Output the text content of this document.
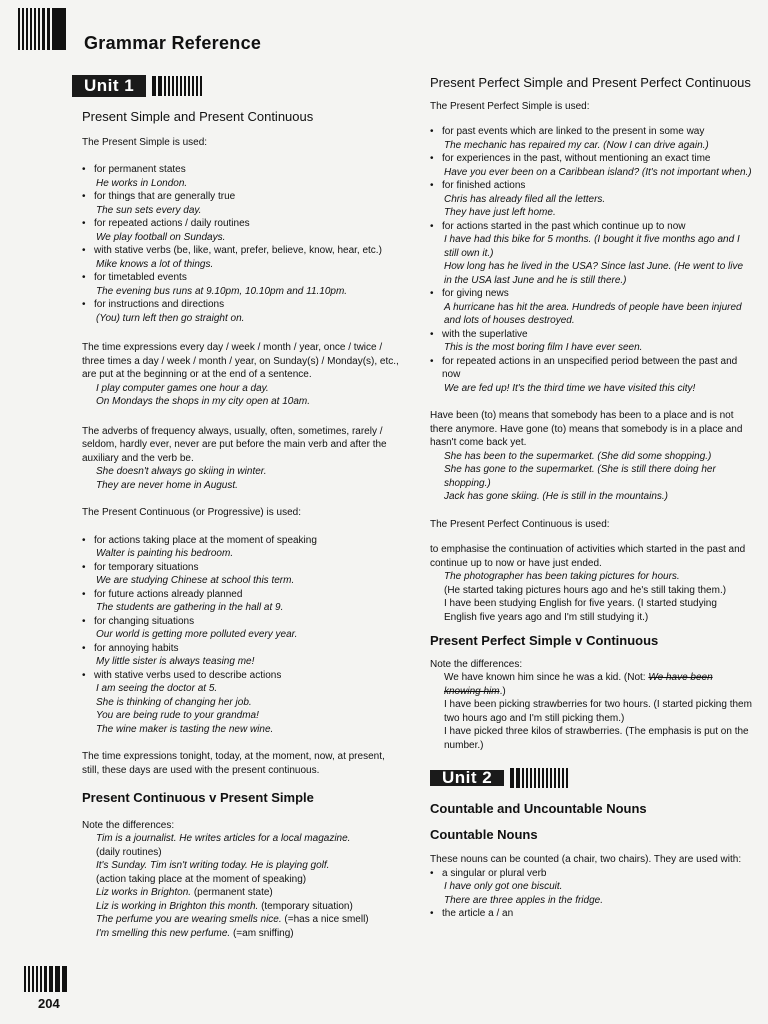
Grammar Reference
Unit 1
Present Simple and Present Continuous
The Present Simple is used:
• for permanent states
He works in London.
• for things that are generally true
The sun sets every day.
• for repeated actions / daily routines
We play football on Sundays.
• with stative verbs (be, like, want, prefer, believe, know, hear, etc.)
Mike knows a lot of things.
• for timetabled events
The evening bus runs at 9.10pm, 10.10pm and 11.10pm.
• for instructions and directions
(You) turn left then go straight on.

The time expressions every day / week / month / year, once / twice / three times a day / week / month / year, on Sunday(s) / Monday(s), etc., are put at the beginning or at the end of a sentence.

I play computer games one hour a day.
On Mondays the shops in my city open at 10am.

The adverbs of frequency always, usually, often, sometimes, rarely / seldom, hardly ever, never are put before the main verb and after the auxiliary and the verb be.

She doesn't always go skiing in winter.
They are never home in August.

The Present Continuous (or Progressive) is used:

• for actions taking place at the moment of speaking
Walter is painting his bedroom.
• for temporary situations
We are studying Chinese at school this term.
• for future actions already planned
The students are gathering in the hall at 9.
• for changing situations
Our world is getting more polluted every year.
• for annoying habits
My little sister is always teasing me!
• with stative verbs used to describe actions
I am seeing the doctor at 5.
She is thinking of changing her job.
You are being rude to your grandma!
The wine maker is tasting the new wine.

The time expressions tonight, today, at the moment, now, at present, still, these days are used with the present continuous.

Present Continuous v Present Simple

Note the differences:

Tim is a journalist. He writes articles for a local magazine.
(daily routines)
It's Sunday. Tim isn't writing today. He is playing golf.
(action taking place at the moment of speaking)
Liz works in Brighton. (permanent state)
Liz is working in Brighton this month. (temporary situation)
The perfume you are wearing smells nice. (=has a nice smell)
I'm smelling this new perfume. (=am sniffing)
Present Perfect Simple and Present Perfect Continuous
The Present Perfect Simple is used:
• for past events which are linked to the present in some way
The mechanic has repaired my car. (Now I can drive again.)
• for experiences in the past, without mentioning an exact time
Have you ever been on a Caribbean island? (It's not important when.)
• for finished actions
Chris has already filed all the letters.
They have just left home.
• for actions started in the past which continue up to now
I have had this bike for 5 months. (I bought it five months ago and I still own it.)
How long has he lived in the USA? Since last June. (He went to live in the USA last June and he is still there.)
• for giving news
A hurricane has hit the area. Hundreds of people have been injured and lots of houses destroyed.
• with the superlative
This is the most boring film I have ever seen.
• for repeated actions in an unspecified period between the past and now
We are fed up! It's the third time we have visited this city!

Have been (to) means that somebody has been to a place and is not there anymore. Have gone (to) means that somebody is in a place and hasn't come back yet.

She has been to the supermarket. (She did some shopping.)
She has gone to the supermarket. (She is still there doing her shopping.)
Jack has gone skiing. (He is still in the mountains.)

The Present Perfect Continuous is used:

to emphasise the continuation of activities which started in the past and continue up to now or have just ended.

The photographer has been taking pictures for hours.
(He started taking pictures hours ago and he's still taking them.)
I have been studying English for five years. (I started studying English five years ago and I'm still studying it.)
Present Perfect Simple v Continuous

Note the differences:

We have known him since he was a kid. (Not: We have been knowing him.)
I have been picking strawberries for two hours. (I started picking them two hours ago and I'm still picking them.)
I have picked three kilos of strawberries. (The emphasis is put on the number.)
Unit 2
Countable and Uncountable Nouns
Countable Nouns

These nouns can be counted (a chair, two chairs). They are used with:

• a singular or plural verb
I have only got one biscuit.
There are three apples in the fridge.
• the article a / an
204
